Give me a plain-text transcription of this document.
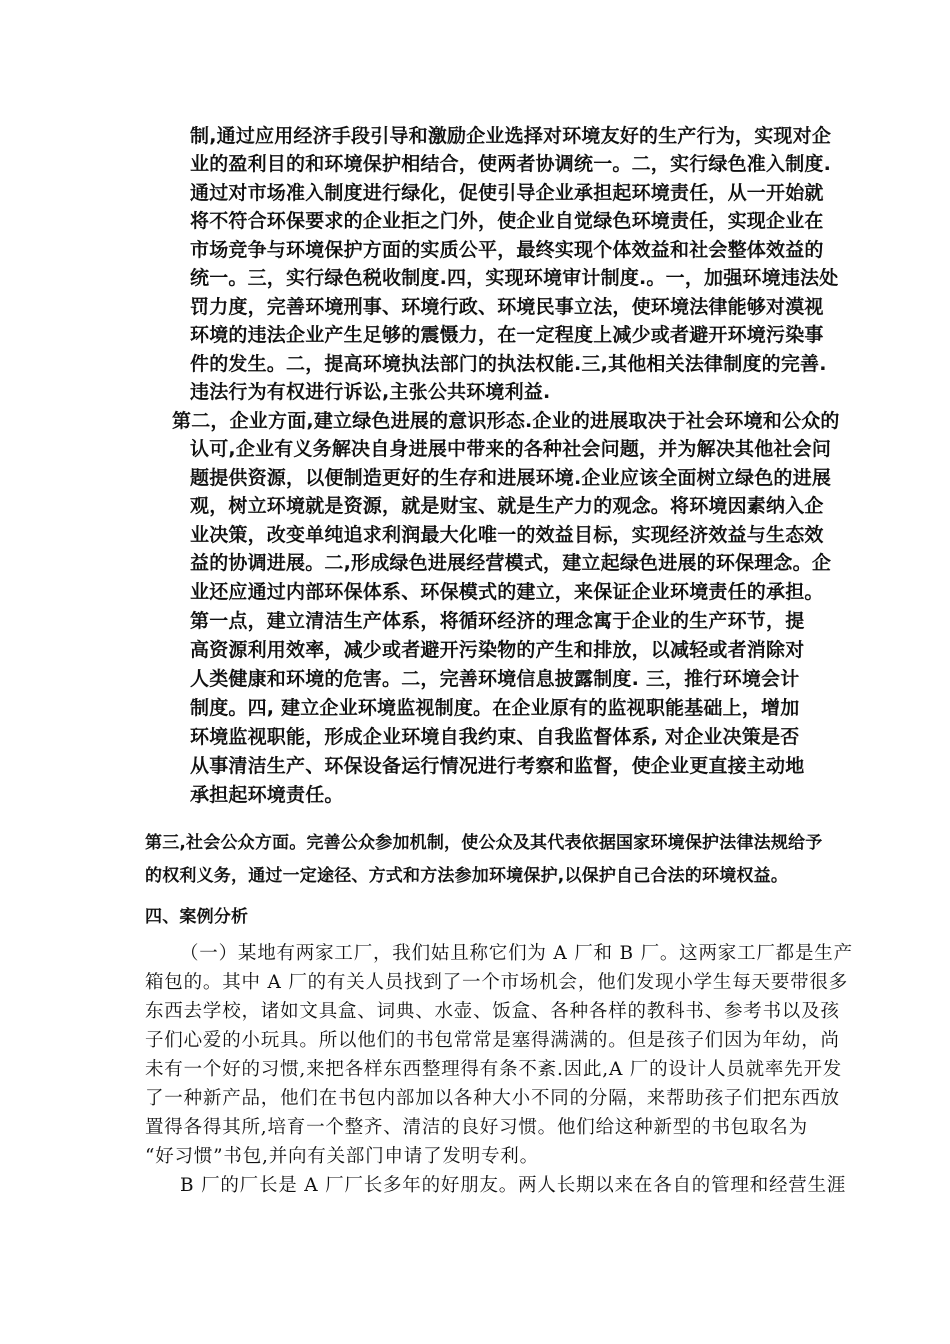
制,通过应用经济手段引导和激励企业选择对环境友好的生产行为，实现对企
业的盈利目的和环境保护相结合，使两者协调统一。二，实行绿色准入制度.
通过对市场准入制度进行绿化，促使引导企业承担起环境责任，从一开始就
将不符合环保要求的企业拒之门外，使企业自觉绿色环境责任，实现企业在
市场竞争与环境保护方面的实质公平，最终实现个体效益和社会整体效益的
统一。三，实行绿色税收制度.四，实现环境审计制度.。一，加强环境违法处
罚力度，完善环境刑事、环境行政、环境民事立法，使环境法律能够对漠视
环境的违法企业产生足够的震慑力，在一定程度上减少或者避开环境污染事
件的发生。二，提高环境执法部门的执法权能.三,其他相关法律制度的完善.
违法行为有权进行诉讼,主张公共环境利益.
第二，企业方面,建立绿色进展的意识形态.企业的进展取决于社会环境和公众的
认可,企业有义务解决自身进展中带来的各种社会问题，并为解决其他社会问
题提供资源，以便制造更好的生存和进展环境.企业应该全面树立绿色的进展
观，树立环境就是资源，就是财宝、就是生产力的观念。将环境因素纳入企
业决策，改变单纯追求利润最大化唯一的效益目标，实现经济效益与生态效
益的协调进展。二,形成绿色进展经营模式，建立起绿色进展的环保理念。企
业还应通过内部环保体系、环保模式的建立，来保证企业环境责任的承担。
第一点，建立清洁生产体系，将循环经济的理念寓于企业的生产环节，提
高资源利用效率，减少或者避开污染物的产生和排放，以减轻或者消除对
人类健康和环境的危害。二，完善环境信息披露制度. 三，推行环境会计
制度。四, 建立企业环境监视制度。在企业原有的监视职能基础上，增加
环境监视职能，形成企业环境自我约束、自我监督体系, 对企业决策是否
从事清洁生产、环保设备运行情况进行考察和监督，使企业更直接主动地
承担起环境责任。
第三,社会公众方面。完善公众参加机制，使公众及其代表依据国家环境保护法律法规给予
的权利义务，通过一定途径、方式和方法参加环境保护,以保护自己合法的环境权益。
四、案例分析
（一）某地有两家工厂，我们姑且称它们为 A 厂和 B 厂。这两家工厂都是生产
箱包的。其中 A 厂的有关人员找到了一个市场机会，他们发现小学生每天要带很多
东西去学校，诸如文具盒、词典、水壶、饭盒、各种各样的教科书、参考书以及孩
子们心爱的小玩具。所以他们的书包常常是塞得满满的。但是孩子们因为年幼，尚
未有一个好的习惯,来把各样东西整理得有条不紊.因此,A 厂的设计人员就率先开发
了一种新产品，他们在书包内部加以各种大小不同的分隔，来帮助孩子们把东西放
置得各得其所,培育一个整齐、清洁的良好习惯。他们给这种新型的书包取名为
“好习惯”书包,并向有关部门申请了发明专利。
B 厂的厂长是 A 厂厂长多年的好朋友。两人长期以来在各自的管理和经营生涯
